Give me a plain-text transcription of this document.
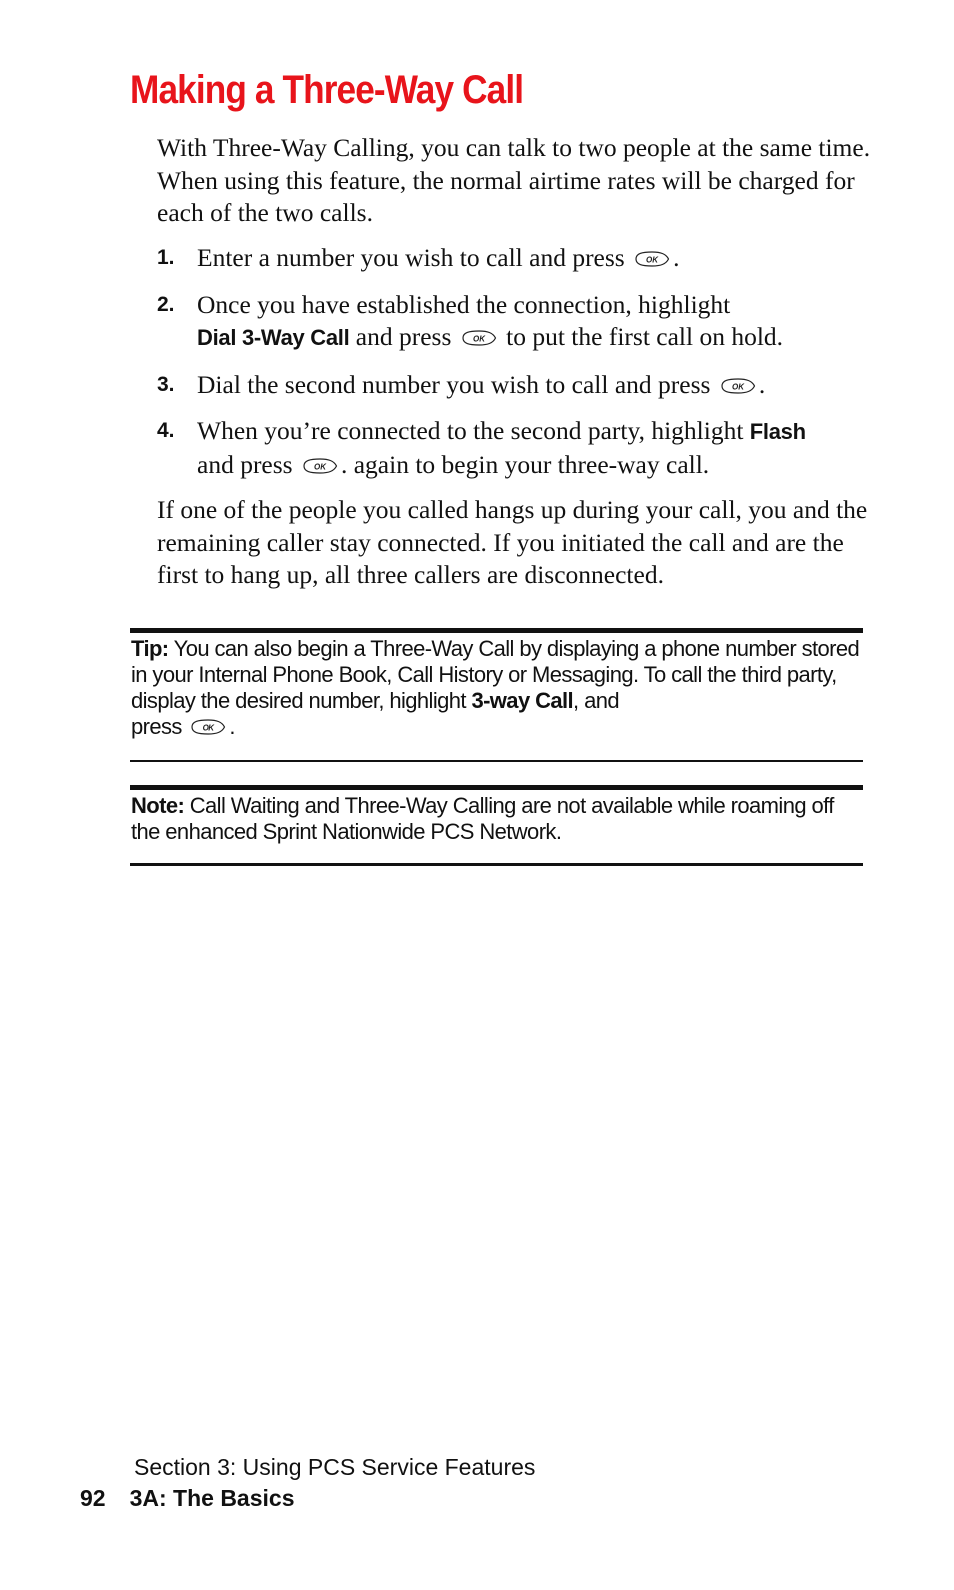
Making a Three-Way Call
With Three-Way Calling, you can talk to two people at the same time. When using this feature, the normal airtime rates will be charged for each of the two calls.
1. Enter a number you wish to call and press	OK .
2. Once you have established the connection, highlight
Dial 3-Way Call and press	OK to put the first call on hold.
3. Dial the second number you wish to call and press	OK .
4. When you’re connected to the second party, highlight Flash
and press	OK . again to begin your three-way call.
If one of the people you called hangs up during your call, you and the remaining caller stay connected. If you initiated the call and are the first to hang up, all three callers are disconnected.
Tip: You can also begin a Three-Way Call by displaying a phone number stored in your Internal Phone Book, Call History or Messaging. To call the third party, display the desired number, highlight 3-way Call, and
press	OK .
Note: Call Waiting and Three-Way Calling are not available while roaming off the enhanced Sprint Nationwide PCS Network.
Section 3: Using PCS Service Features
92 3A: The Basics
